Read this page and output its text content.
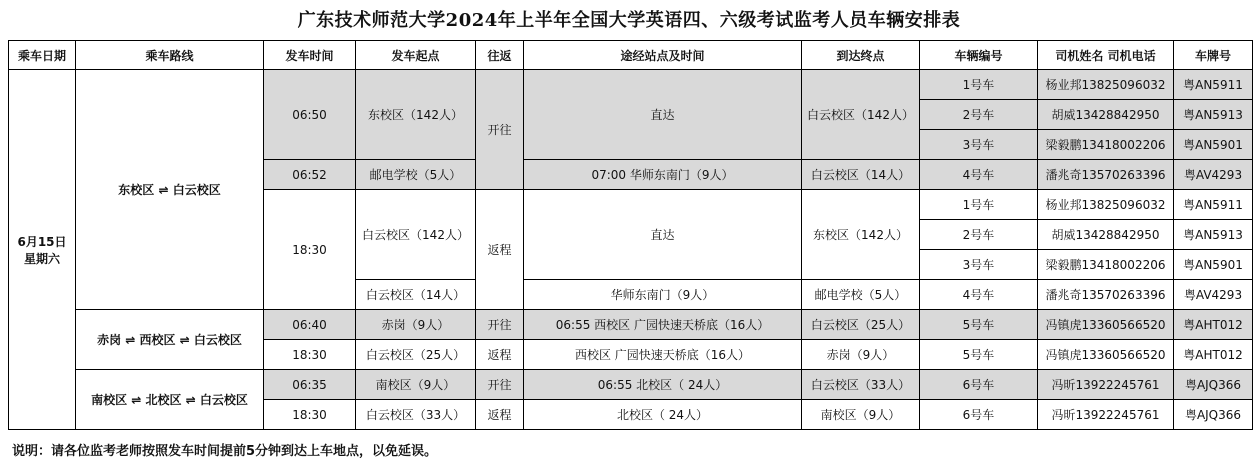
广东技术师范大学2024年上半年全国大学英语四、六级考试监考人员车辆安排表
乘车日期	乘车路线	发车时间	发车起点	往返	途经站点及时间	到达终点	车辆编号	司机姓名 司机电话	车牌号

6月15日
星期六	东校区 ⇌ 白云校区	06:50	东校区（142人）	开往	直达	白云校区（142人）	1号车	杨业邦13825096032	粤AN5911
							2号车	胡威13428842950	粤AN5913
							3号车	梁毅鹏13418002206	粤AN5901
		06:52	邮电学校（5人）		07:00 华师东南门（9人）	白云校区（14人）	4号车	潘兆奇13570263396	粤AV4293
		18:30	白云校区（142人）	返程	直达	东校区（142人）	1号车	杨业邦13825096032	粤AN5911
							2号车	胡威13428842950	粤AN5913
							3号车	梁毅鹏13418002206	粤AN5901
			白云校区（14人）		华师东南门（9人）	邮电学校（5人）	4号车	潘兆奇13570263396	粤AV4293
	赤岗 ⇌ 西校区 ⇌ 白云校区	06:40	赤岗（9人）	开往	06:55 西校区 广园快速天桥底（16人）	白云校区（25人）	5号车	冯镇虎13360566520	粤AHT012
		18:30	白云校区（25人）	返程	西校区 广园快速天桥底（16人）	赤岗（9人）	5号车	冯镇虎13360566520	粤AHT012
	南校区 ⇌ 北校区 ⇌ 白云校区	06:35	南校区（9人）	开往	06:55 北校区（ 24人）	白云校区（33人）	6号车	冯昕13922245761	粤AJQ366
		18:30	白云校区（33人）	返程	北校区（ 24人）	南校区（9人）	6号车	冯昕13922245761	粤AJQ366
说明：请各位监考老师按照发车时间提前5分钟到达上车地点，以免延误。
